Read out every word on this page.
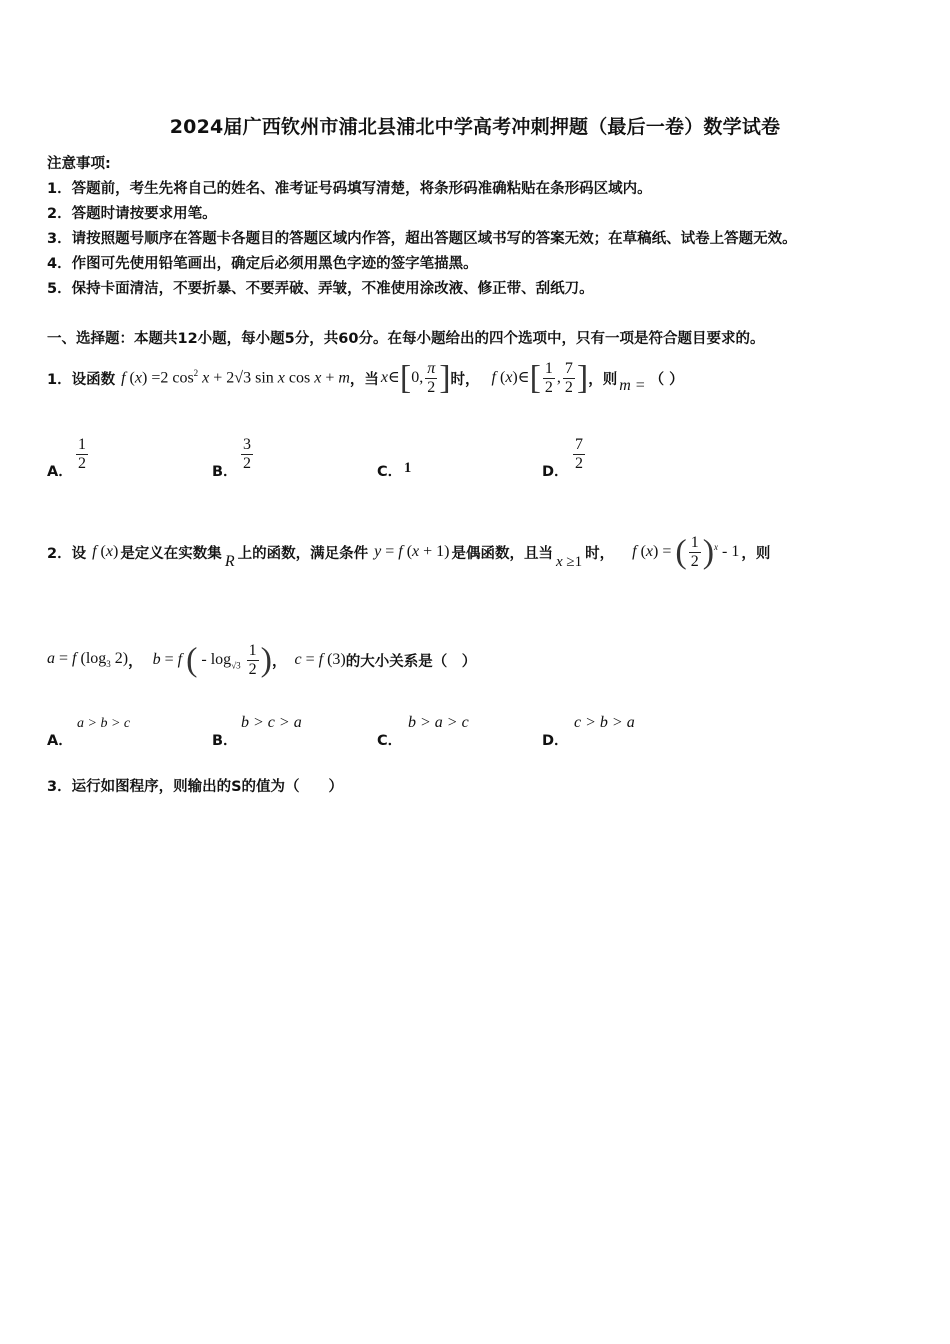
2024届广西钦州市浦北县浦北中学高考冲刺押题（最后一卷）数学试卷
注意事项:
1．答题前，考生先将自己的姓名、准考证号码填写清楚，将条形码准确粘贴在条形码区域内。
2．答题时请按要求用笔。
3．请按照题号顺序在答题卡各题目的答题区域内作答，超出答题区域书写的答案无效；在草稿纸、试卷上答题无效。
4．作图可先使用铅笔画出，确定后必须用黑色字迹的签字笔描黑。
5．保持卡面清洁，不要折暴、不要弄破、弄皱，不准使用涂改液、修正带、刮纸刀。
一、选择题：本题共12小题，每小题5分，共60分。在每小题给出的四个选项中，只有一项是符合题目要求的。
1．设函数 f (x) =2 $\cos^2 x + 2√3$ sin x cos x + m ，当 x∈[0, $\frac{\pi}{2}$ ] 时， f (x)∈[ $\frac{1}{2}$ , $\frac{7}{2}$ ] ，则 m = （ ）
A． $\frac{1}{2}$	B． $\frac{3}{2}$	C． 1	D． $\frac{7}{2}$
2．设 f (x) 是定义在实数集 R 上的函数，满足条件 y = f (x + 1) 是偶函数，且当 x ≥1 时， f (x) = ( $\frac{1}{2} )^x - 1$ ，则
a = f ($\log_3$ 2) ， b = f ( - $\log_{√3} \frac{1}{2}$ ) ， c = f (3) 的大小关系是（　）
A．
a > b > c
B．
b > c > a
C．
b > a > c
D．
c > b > a
3．运行如图程序，则输出的S的值为（　　）
